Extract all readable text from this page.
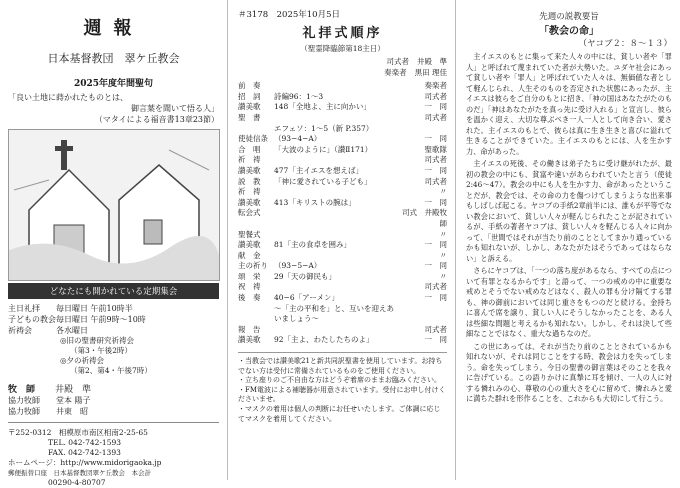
週報
日本基督教団　翠ケ丘教会
2025年度年間聖句
「良い土地に蒔かれたものとは、
御言葉を聞いて悟る人」
（マタイによる福音書13章23節）
どなたにも開かれている定期集会
主日礼拝	毎日曜日 午前10時半
子どもの教会 毎日曜日 午前9時〜10時
祈祷会	各水曜日
◎旧の聖書研究祈祷会
（第3・午後2時）
◎夕の祈祷会
（第2、第4・午後7時）
牧　師 井殿　準
協力牧師	堂本 陽子
協力牧師	井東　昭
〒252-0312　相模原市南区相南2-25-65
TEL. 042-742-1593
FAX. 042-742-1393
ホームページ：http://www.midorigaoka.jp
郵便振替口座　日本基督教団翠ケ丘教会　本会計
00290-4-80707
＃3178　2025年10月5日
礼拝式順序
（聖霊降臨節第18主日）
司式者 井殿　準
奏楽者 黒田 理佳
前　奏	奏楽者
招　詞	詩編96：1〜3	司式者
讃美歌	148「全地よ、主に向かい」	一　同
聖　書	司式者
エフェソ：1〜5（新 P.357）
使徒信条 （93−4−A）	一　同
合　唱	「大波のように」（讃Ⅱ171）	聖歌隊
祈　祷	司式者
讃美歌	477「主イエスを想えば」	一　同
説　教	「神に愛されている子ども」	司式者
祈　祷	〃
讃美歌	413「キリストの腕は」	一　同
転会式	司式　井殿牧師
聖餐式	〃
讃美歌	81「主の食卓を囲み」	一　同
献　金	〃
主の祈り （93−5−A）	一　同
頌　栄	29「天の御民も」	〃
祝　祷	司式者
後　奏	40−6「アーメン」	一　同
〜「主の平和を」と、互いを迎えあいましょう〜
報　告	司式者
讃美歌	92「主よ、わたしたちのよ」	一　同
・当教会では讃美歌21と新共同訳聖書を使用しています。お持ちでない方は受付に常備されているものをご使用ください。
・立ち座りのご不自由な方はどうぞ着席のままお臨みください。
・FM電波による補聴器が用意されています。受付にお申し付けくださいませ。
・マスクの着用は個人の判断にお任せいたします。ご体調に応じてマスクを着用してください。
先週の説教要旨
「教会の命」
（ヤコブ２：８〜１３）

主イエスのもとに集って来た人々の中には、貧しい者や「罪人」と呼ばれて蔑まれていた者が大勢いた。ユダヤ社会にあって貧しい者や「罪人」と呼ばれていた人々は、無価値な者として軽んじられ、人生そのものを否定された状態にあったが、主イエスは彼らをご自分のもとに招き、「神の国はあなたがたのものだ」「神はあなたがたを真っ先に受け入れる」と宣言し、彼らを温かく迎え、大切な尊ぶべき一人一人として向き合い、愛された。主イエスのもとで、彼らは真に生き生きと喜びに溢れて生きることができていた。主イエスのもとには、人を生かす力、命があった。

主イエスの死後、その働きは弟子たちに受け継がれたが、最初の教会の中にも、貧富や違いがあらわれていたと言う（使徒2:46〜47）。教会の中にも人を生かす力、命があったということだが、教会では、その命の力を傷つけてしまうような出来事もしばしば起こる。ヤコブの手紙2章前半には、誰もが平等でない教会において、貧しい人々が軽んじられたことが記されているが、手紙の著者ヤコブは、貧しい人々を軽んじる人々に向かって、「世間ではそれが当たり前のこととしてまかり通っているかも知れないが、しかし、あなたがたはそうであってはならない」と訴える。

さらにヤコブは、「一つの落ち度があるなら、すべての点について有罪となるからです」と語って、一つの戒めの中に重要な戒めとそうでない戒めなどはなく、殺人の罪も分け隔てする罪も、神の御前においては同じ重さをもつのだと続ける。金持ちに喜んで席を譲り、貧しい人にそうしなかったことを、ある人は些細な問題と考えるかも知れない。しかし、それは決して些細なことではなく、重大な過ちなのだ。

この世にあっては、それが当たり前のこととされているかも知れないが、それは同じことをする時、教会は力を失ってしまう。命を失ってしまう。今日の聖書の御言葉はそのことを我々に告げている。この語りかけに真摯に耳を傾け、一人の人に対する憐れみの心、尊敬の心の重大さを心に留めて、憐れみと愛に満ちた群れを形作ることを、これからも大切にして行こう。
